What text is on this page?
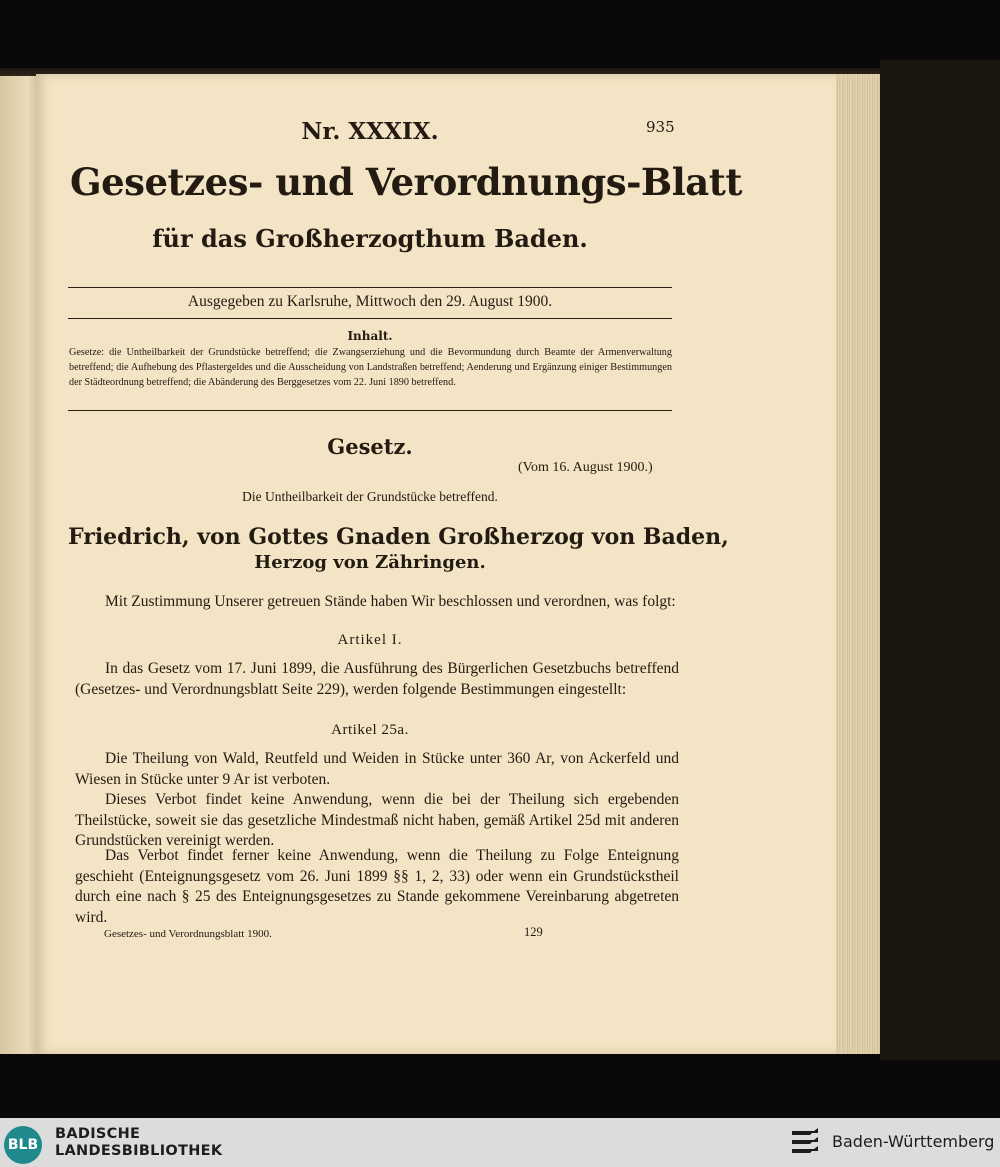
Nr. XXXIX.	935
Gesetzes- und Verordnungs-Blatt
für das Großherzogthum Baden.
Ausgegeben zu Karlsruhe, Mittwoch den 29. August 1900.
Inhalt.
Gesetze: die Untheilbarkeit der Grundstücke betreffend; die Zwangserziehung und die Bevormundung durch Beamte der Armenverwaltung betreffend; die Aufhebung des Pflastergeldes und die Ausscheidung von Landstraßen betreffend; Aenderung und Ergänzung einiger Bestimmungen der Städteordnung betreffend; die Abänderung des Berggesetzes vom 22. Juni 1890 betreffend.
Gesetz.
(Vom 16. August 1900.)
Die Untheilbarkeit der Grundstücke betreffend.
Friedrich, von Gottes Gnaden Großherzog von Baden,
Herzog von Zähringen.
Mit Zustimmung Unserer getreuen Stände haben Wir beschlossen und verordnen, was folgt:
Artikel I.
In das Gesetz vom 17. Juni 1899, die Ausführung des Bürgerlichen Gesetzbuchs betreffend (Gesetzes- und Verordnungsblatt Seite 229), werden folgende Bestimmungen eingestellt:
Artikel 25a.
Die Theilung von Wald, Reutfeld und Weiden in Stücke unter 360 Ar, von Ackerfeld und Wiesen in Stücke unter 9 Ar ist verboten.
Dieses Verbot findet keine Anwendung, wenn die bei der Theilung sich ergebenden Theilstücke, soweit sie das gesetzliche Mindestmaß nicht haben, gemäß Artikel 25d mit anderen Grundstücken vereinigt werden.
Das Verbot findet ferner keine Anwendung, wenn die Theilung zu Folge Enteignung geschieht (Enteignungsgesetz vom 26. Juni 1899 §§ 1, 2, 33) oder wenn ein Grundstückstheil durch eine nach § 25 des Enteignungsgesetzes zu Stande gekommene Vereinbarung abgetreten wird.
Gesetzes- und Verordnungsblatt 1900.	129
BLB
BADISCHE
LANDESBIBLIOTHEK	Baden-Württemberg
